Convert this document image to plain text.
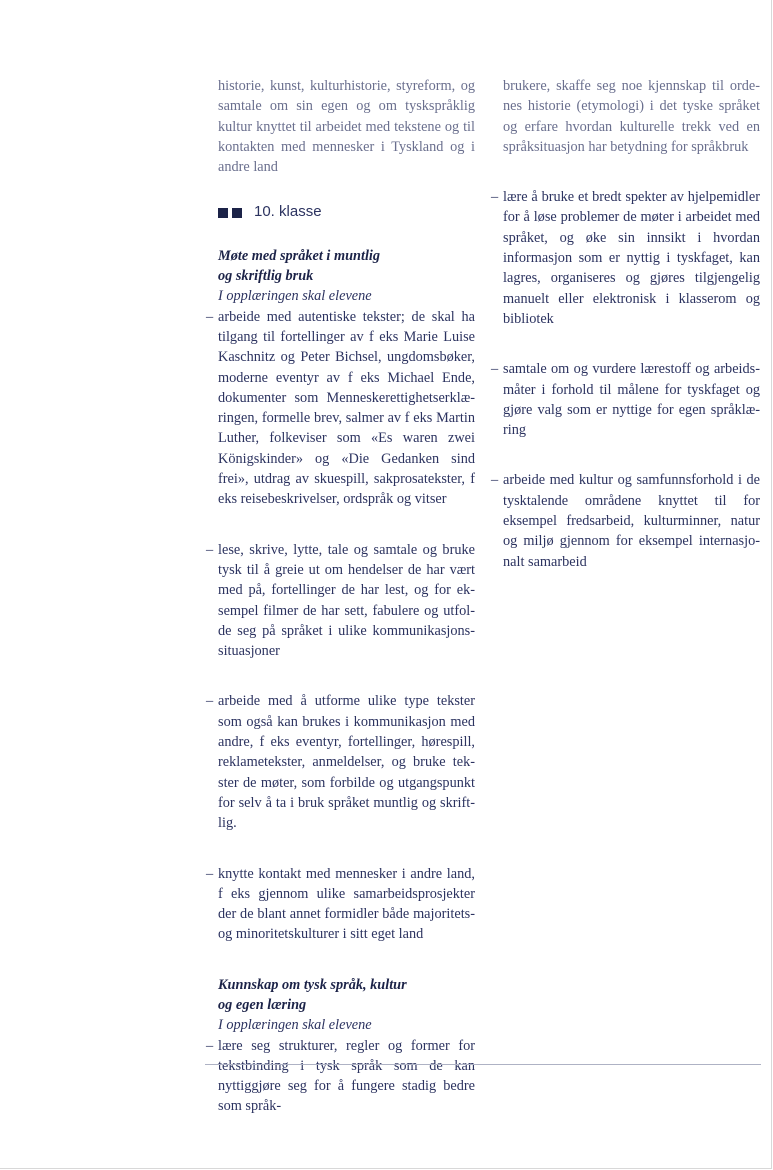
historie, kunst, kulturhistorie, styreform, og samtale om sin egen og om tyskspråklig kultur knyttet til arbeidet med tekstene og til kontakten med mennesker i Tyskland og i andre land

10. klasse

Møte med språket i muntlig

og skriftlig bruk

I opplæringen skal elevene

– arbeide med autentiske tekster; de skal ha tilgang til fortellinger av f eks Marie Luise Kaschnitz og Peter Bichsel, ungdomsbøker, moderne eventyr av f eks Michael Ende, dokumenter som Menneskerettighetserklæringen, formelle brev, salmer av f eks Martin Luther, folkeviser som «Es waren zwei Königskinder» og «Die Gedanken sind frei», utdrag av skuespill, sakprosatekster, f eks reisebeskrivelser, ordspråk og vitser
– lese, skrive, lytte, tale og samtale og bruke tysk til å greie ut om hendelser de har vært med på, fortellinger de har lest, og for eksempel filmer de har sett, fabulere og utfolde seg på språket i ulike kommunikasjonssituasjoner
– arbeide med å utforme ulike type tekster som også kan brukes i kommunikasjon med andre, f eks eventyr, fortellinger, hørespill, reklametekster, anmeldelser, og bruke tekster de møter, som forbilde og utgangspunkt for selv å ta i bruk språket muntlig og skriftlig.
– knytte kontakt med mennesker i andre land, f eks gjennom ulike samarbeidsprosjekter der de blant annet formidler både majoritets- og minoritetskulturer i sitt eget land

Kunnskap om tysk språk, kultur

og egen læring

I opplæringen skal elevene

– lære seg strukturer, regler og former for tekstbinding i tysk språk som de kan nyttiggjøre seg for å fungere stadig bedre som språk-

brukere, skaffe seg noe kjennskap til ordenes historie (etymologi) i det tyske språket og erfare hvordan kulturelle trekk ved en språksituasjon har betydning for språkbruk

– lære å bruke et bredt spekter av hjelpemidler for å løse problemer de møter i arbeidet med språket, og øke sin innsikt i hvordan informasjon som er nyttig i tyskfaget, kan lagres, organiseres og gjøres tilgjengelig manuelt eller elektronisk i klasserom og bibliotek
– samtale om og vurdere lærestoff og arbeidsmåter i forhold til målene for tyskfaget og gjøre valg som er nyttige for egen språklæring
– arbeide med kultur og samfunnsforhold i de tysktalende områdene knyttet til for eksempel fredsarbeid, kulturminner, natur og miljø gjennom for eksempel internasjonalt samarbeid
